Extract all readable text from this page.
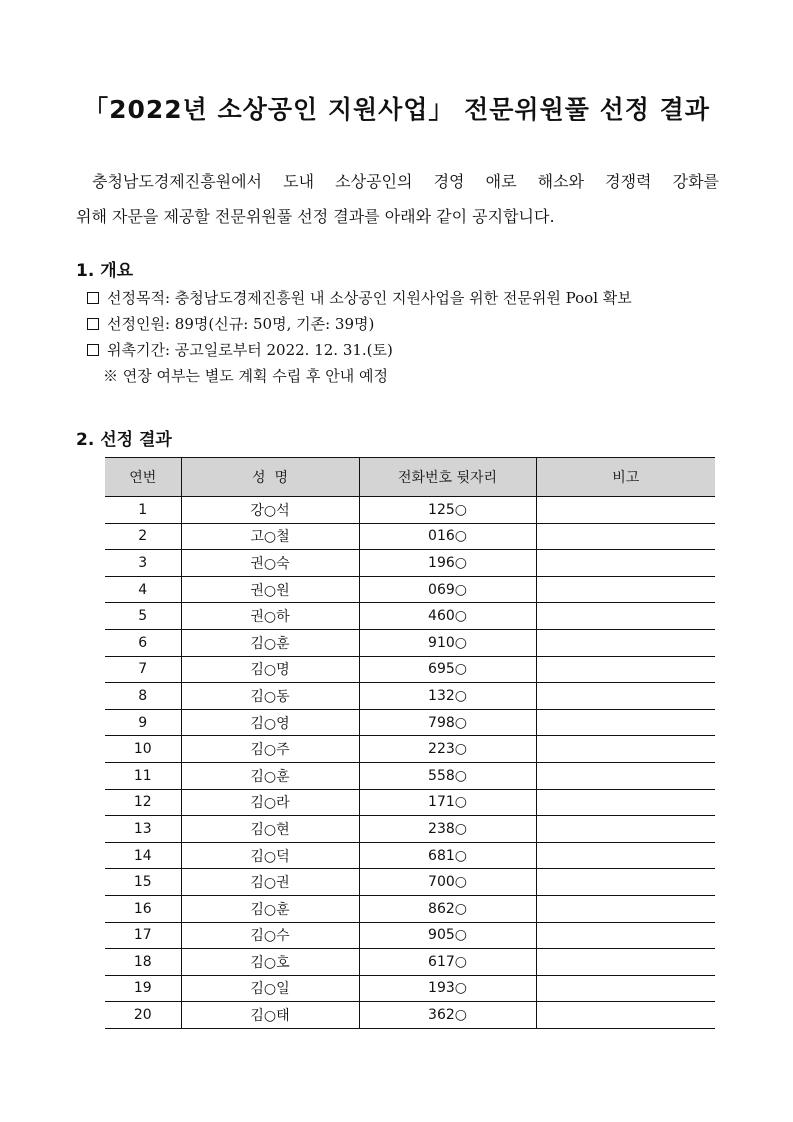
「2022년 소상공인 지원사업」 전문위원풀 선정 결과
충청남도경제진흥원에서 도내 소상공인의 경영 애로 해소와 경쟁력 강화를
위해 자문을 제공할 전문위원풀 선정 결과를 아래와 같이 공지합니다.
1. 개요
선정목적: 충청남도경제진흥원 내 소상공인 지원사업을 위한 전문위원 Pool 확보
선정인원: 89명(신규: 50명, 기존: 39명)
위촉기간: 공고일로부터 2022. 12. 31.(토)
※ 연장 여부는 별도 계획 수립 후 안내 예정
2. 선정 결과
연번	성  명	전화번호 뒷자리	비고
1	강○석	125○	
2	고○철	016○	
3	권○숙	196○	
4	권○원	069○	
5	권○하	460○	
6	김○훈	910○	
7	김○명	695○	
8	김○동	132○	
9	김○영	798○	
10	김○주	223○	
11	김○훈	558○	
12	김○라	171○	
13	김○현	238○	
14	김○덕	681○	
15	김○권	700○	
16	김○훈	862○	
17	김○수	905○	
18	김○호	617○	
19	김○일	193○	
20	김○태	362○	
